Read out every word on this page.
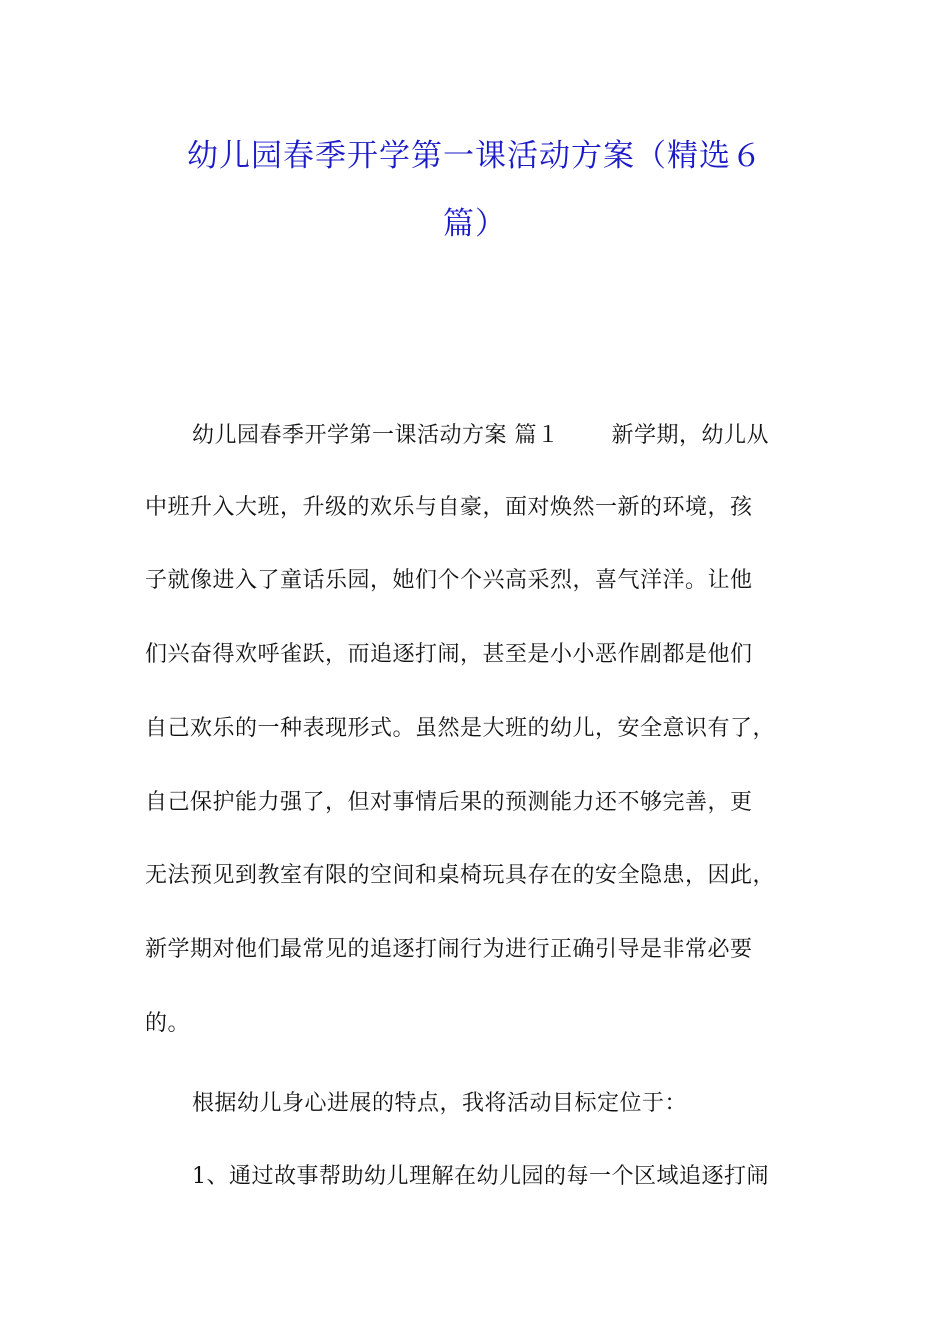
幼儿园春季开学第一课活动方案（精选６
篇）
幼儿园春季开学第一课活动方案 篇１ 新学期，幼儿从
中班升入大班，升级的欢乐与自豪，面对焕然一新的环境，孩
子就像进入了童话乐园，她们个个兴高采烈，喜气洋洋。让他
们兴奋得欢呼雀跃，而追逐打闹，甚至是小小恶作剧都是他们
自己欢乐的一种表现形式。虽然是大班的幼儿，安全意识有了，
自己保护能力强了，但对事情后果的预测能力还不够完善，更
无法预见到教室有限的空间和桌椅玩具存在的安全隐患，因此，
新学期对他们最常见的追逐打闹行为进行正确引导是非常必要
的。
根据幼儿身心进展的特点，我将活动目标定位于：
1、通过故事帮助幼儿理解在幼儿园的每一个区域追逐打闹
